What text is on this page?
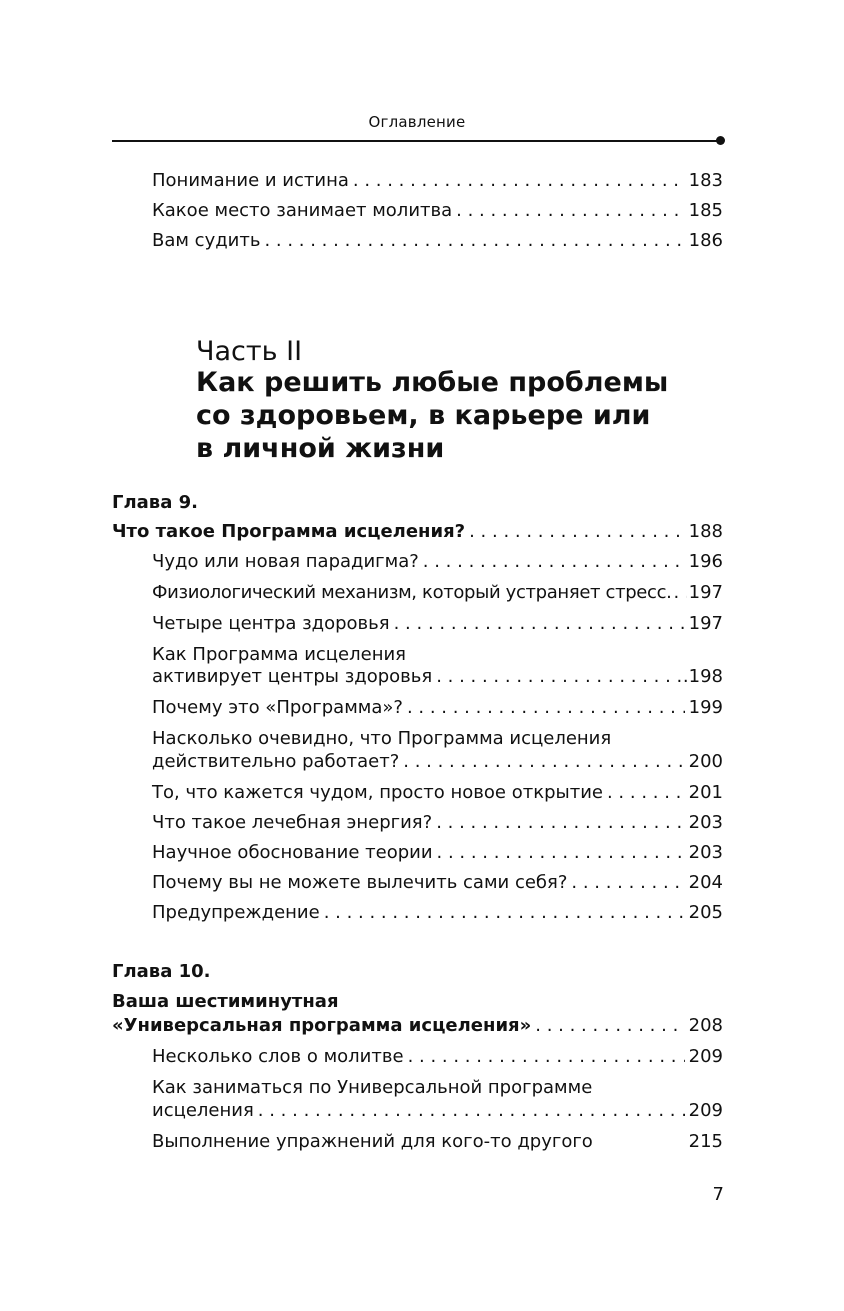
Оглавление
Понимание и истина . . .	183
Какое место занимает молитва . . .	185
Вам судить . . .	186
Часть II
Как решить любые проблемы
со здоровьем, в карьере или
в личной жизни
Глава 9.
Что такое Программа исцеления? . . .	188
Чудо или новая парадигма? . . .	196
Физиологический механизм, который устраняет стресс. . . . 197
Четыре центра здоровья . . .	197
Как Программа исцеления
активирует центры здоровья . . .	.198
Почему это «Программа»? . . .	199
Насколько очевидно, что Программа исцеления
действительно работает? . . .	200
То, что кажется чудом, просто новое открытие . . .	201
Что такое лечебная энергия? . . .	203
Научное обоснование теории . . .	203
Почему вы не можете вылечить сами себя? . . .	204
Предупреждение . . .	205
Глава 10.
Ваша шестиминутная
«Универсальная программа исцеления» . . .	208
Несколько слов о молитве . . .	209
Как заниматься по Универсальной программе
исцеления . . .	209
Выполнение упражнений для кого-то другого	215
7
